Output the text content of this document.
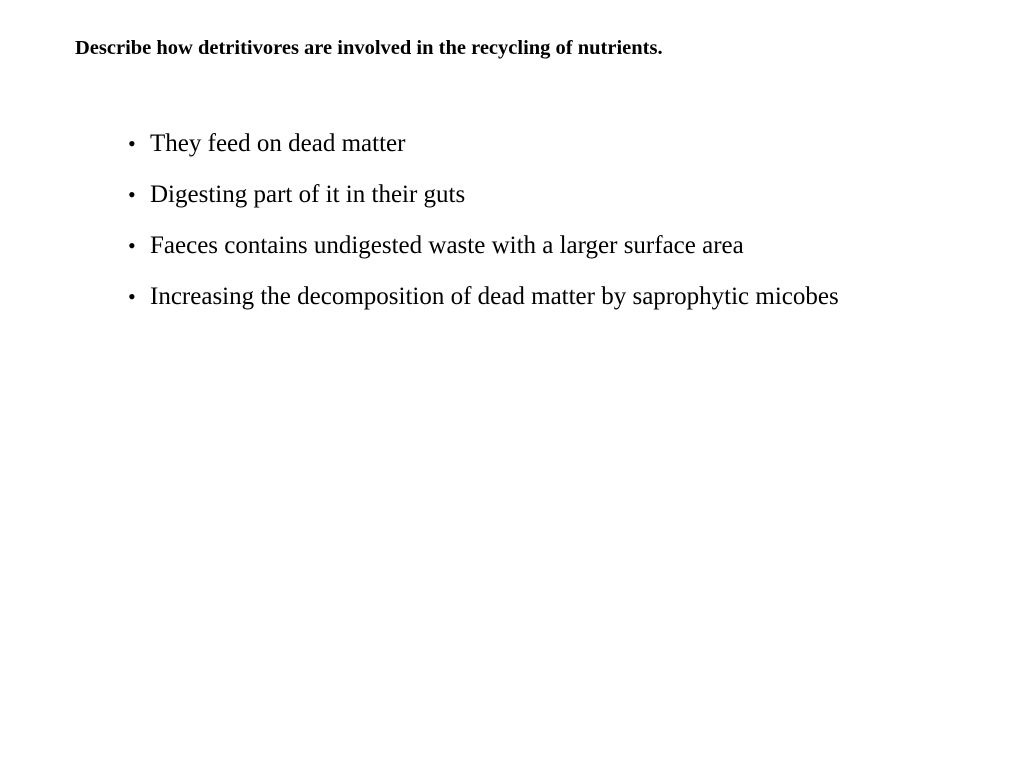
Describe how detritivores are involved in the recycling of nutrients.

• They feed on dead matter
• Digesting part of it in their guts
• Faeces contains undigested waste with a larger surface area
• Increasing the decomposition of dead matter by saprophytic micobes
